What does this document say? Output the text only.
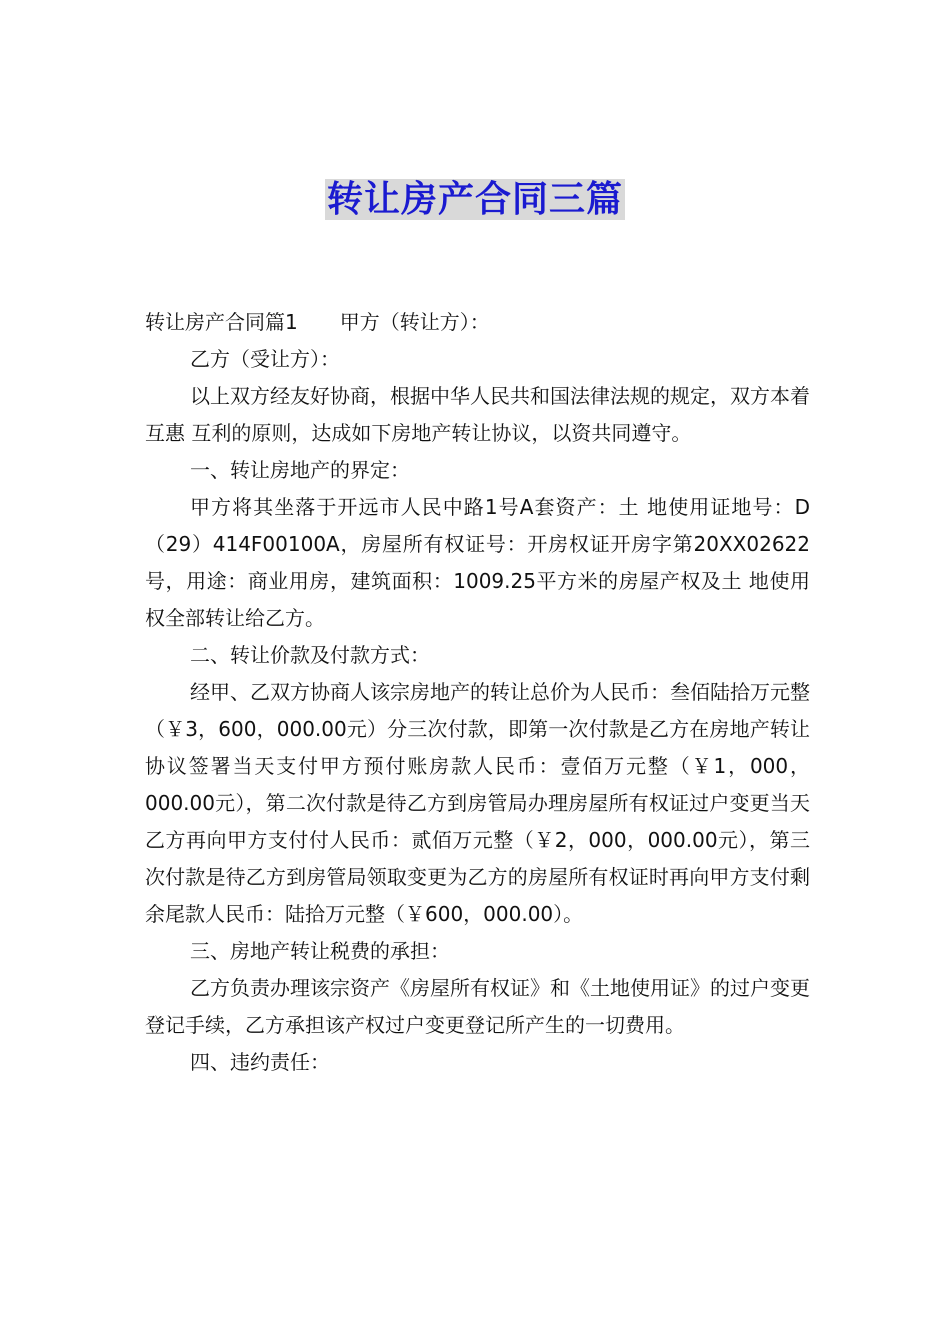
转让房产合同三篇

转让房产合同篇1 甲方（转让方）：

乙方（受让方）：

以上双方经友好协商，根据中华人民共和国法律法规的规定，双方本着互惠 互利的原则，达成如下房地产转让协议，以资共同遵守。

一、转让房地产的界定：

甲方将其坐落于开远市人民中路1号A套资产：土 地使用证地号：D（29）414F00100A，房屋所有权证号：开房权证开房字第20XX02622号，用途：商业用房，建筑面积：1009.25平方米的房屋产权及土 地使用权全部转让给乙方。

二、转让价款及付款方式：

经甲、乙双方协商人该宗房地产的转让总价为人民币：叁佰陆拾万元整（￥3，600，000.00元）分三次付款，即第一次付款是乙方在房地产转让协议签署当天支付甲方预付账房款人民币：壹佰万元整（￥1，000，000.00元），第二次付款是待乙方到房管局办理房屋所有权证过户变更当天乙方再向甲方支付付人民币：贰佰万元整（￥2，000，000.00元），第三次付款是待乙方到房管局领取变更为乙方的房屋所有权证时再向甲方支付剩余尾款人民币：陆拾万元整（￥600，000.00）。

三、房地产转让税费的承担：

乙方负责办理该宗资产《房屋所有权证》和《土地使用证》的过户变更登记手续，乙方承担该产权过户变更登记所产生的一切费用。

四、违约责任：
